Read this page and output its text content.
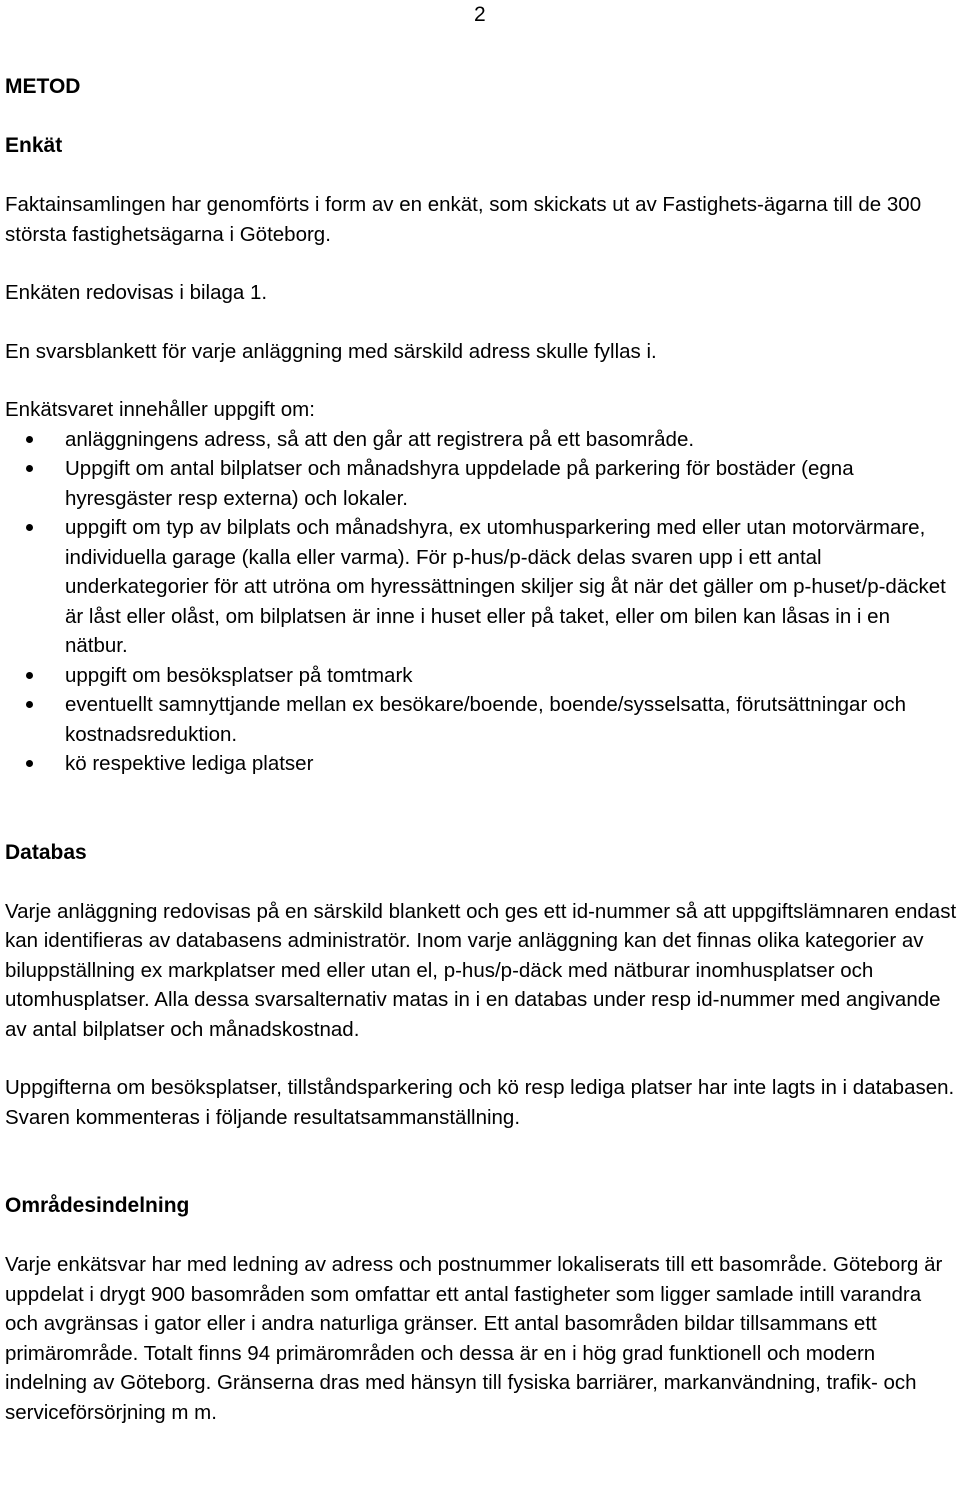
2
METOD
Enkät

Faktainsamlingen har genomförts i form av en enkät, som skickats ut av Fastighets-ägarna till de 300 största fastighetsägarna i Göteborg.

Enkäten redovisas i bilaga 1.

En svarsblankett för varje anläggning med särskild adress skulle fyllas i.

Enkätsvaret innehåller uppgift om:

anläggningens adress, så att den går att registrera på ett basområde.
Uppgift om antal bilplatser och månadshyra uppdelade på parkering för bostäder (egna hyresgäster resp externa) och lokaler.
uppgift om typ av bilplats och månadshyra, ex utomhusparkering med eller utan motorvärmare, individuella garage (kalla eller varma). För p-hus/p-däck delas svaren upp i ett antal underkategorier för att utröna om hyressättningen skiljer sig åt när det gäller om p-huset/p-däcket är låst eller olåst, om bilplatsen är inne i huset eller på taket, eller om bilen kan låsas in i en nätbur.
uppgift om besöksplatser på tomtmark
eventuellt samnyttjande mellan ex besökare/boende, boende/sysselsatta, förutsättningar och kostnadsreduktion.
kö respektive lediga platser
Databas

Varje anläggning redovisas på en särskild blankett och ges ett id-nummer så att uppgiftslämnaren endast kan identifieras av databasens administratör. Inom varje anläggning kan det finnas olika kategorier av biluppställning ex markplatser med eller utan el, p-hus/p-däck med nätburar inomhusplatser och utomhusplatser. Alla dessa svarsalternativ matas in i en databas under resp id-nummer med angivande av antal bilplatser och månadskostnad.

Uppgifterna om besöksplatser, tillståndsparkering och kö resp lediga platser har inte lagts in i databasen. Svaren kommenteras i följande resultatsammanställning.

Områdesindelning

Varje enkätsvar har med ledning av adress och postnummer lokaliserats till ett basområde. Göteborg är uppdelat i drygt 900 basområden som omfattar ett antal fastigheter som ligger samlade intill varandra och avgränsas i gator eller i andra naturliga gränser. Ett antal basområden bildar tillsammans ett primärområde. Totalt finns 94 primärområden och dessa är en i hög grad funktionell och modern indelning av Göteborg. Gränserna dras med hänsyn till fysiska barriärer, markanvändning, trafik- och serviceförsörjning m m.
